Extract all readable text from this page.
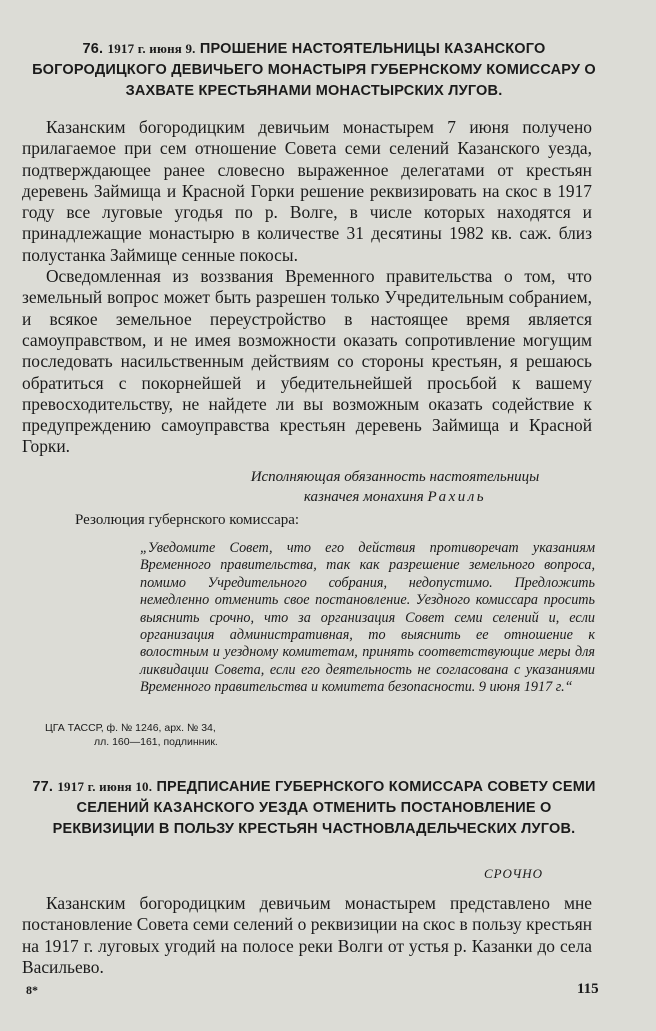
76. 1917 г. июня 9. ПРОШЕНИЕ НАСТОЯТЕЛЬНИЦЫ КАЗАНСКОГО БОГОРОДИЦКОГО ДЕВИЧЬЕГО МОНАСТЫРЯ ГУБЕРНСКОМУ КОМИССАРУ О ЗАХВАТЕ КРЕСТЬЯНАМИ МОНАСТЫРСКИХ ЛУГОВ.

Казанским богородицким девичьим монастырем 7 июня получено прилагаемое при сем отношение Совета семи селений Казанского уезда, подтверждающее ранее словесно выраженное делегатами от крестьян деревень Займища и Красной Горки решение реквизировать на скос в 1917 году все луговые угодья по р. Волге, в числе которых находятся и принадлежащие монастырю в количестве 31 десятины 1982 кв. саж. близ полустанка Займище сенные покосы.

Осведомленная из воззвания Временного правительства о том, что земельный вопрос может быть разрешен только Учредительным собранием, и всякое земельное переустройство в настоящее время является самоуправством, и не имея возможности оказать сопротивление могущим последовать насильственным действиям со стороны крестьян, я решаюсь обратиться с покорнейшей и убедительнейшей просьбой к вашему превосходительству, не найдете ли вы возможным оказать содействие к предупреждению самоуправства крестьян деревень Займища и Красной Горки.

Исполняющая обязанность настоятельницы
казначея монахиня Рахиль

Резолюция губернского комиссара:

„Уведомите Совет, что его действия противоречат указаниям Временного правительства, так как разрешение земельного вопроса, помимо Учредительного собрания, недопустимо. Предложить немедленно отменить свое постановление. Уездного комиссара просить выяснить срочно, что за организация Совет семи селений и, если организация административная, то выяснить ее отношение к волостным и уездному комитетам, принять соответствующие меры для ликвидации Совета, если его деятельность не согласована с указаниями Временного правительства и комитета безопасности. 9 июня 1917 г.“

ЦГА ТАССР, ф. № 1246, арх. № 34,
лл. 160—161, подлинник.

77. 1917 г. июня 10. ПРЕДПИСАНИЕ ГУБЕРНСКОГО КОМИССАРА СОВЕТУ СЕМИ СЕЛЕНИЙ КАЗАНСКОГО УЕЗДА ОТМЕНИТЬ ПОСТАНОВЛЕНИЕ О РЕКВИЗИЦИИ В ПОЛЬЗУ КРЕСТЬЯН ЧАСТНОВЛАДЕЛЬЧЕСКИХ ЛУГОВ.

СРОЧНО

Казанским богородицким девичьим монастырем представлено мне постановление Совета семи селений о реквизиции на скос в пользу крестьян на 1917 г. луговых угодий на полосе реки Волги от устья р. Казанки до села Васильево.

8*	115
